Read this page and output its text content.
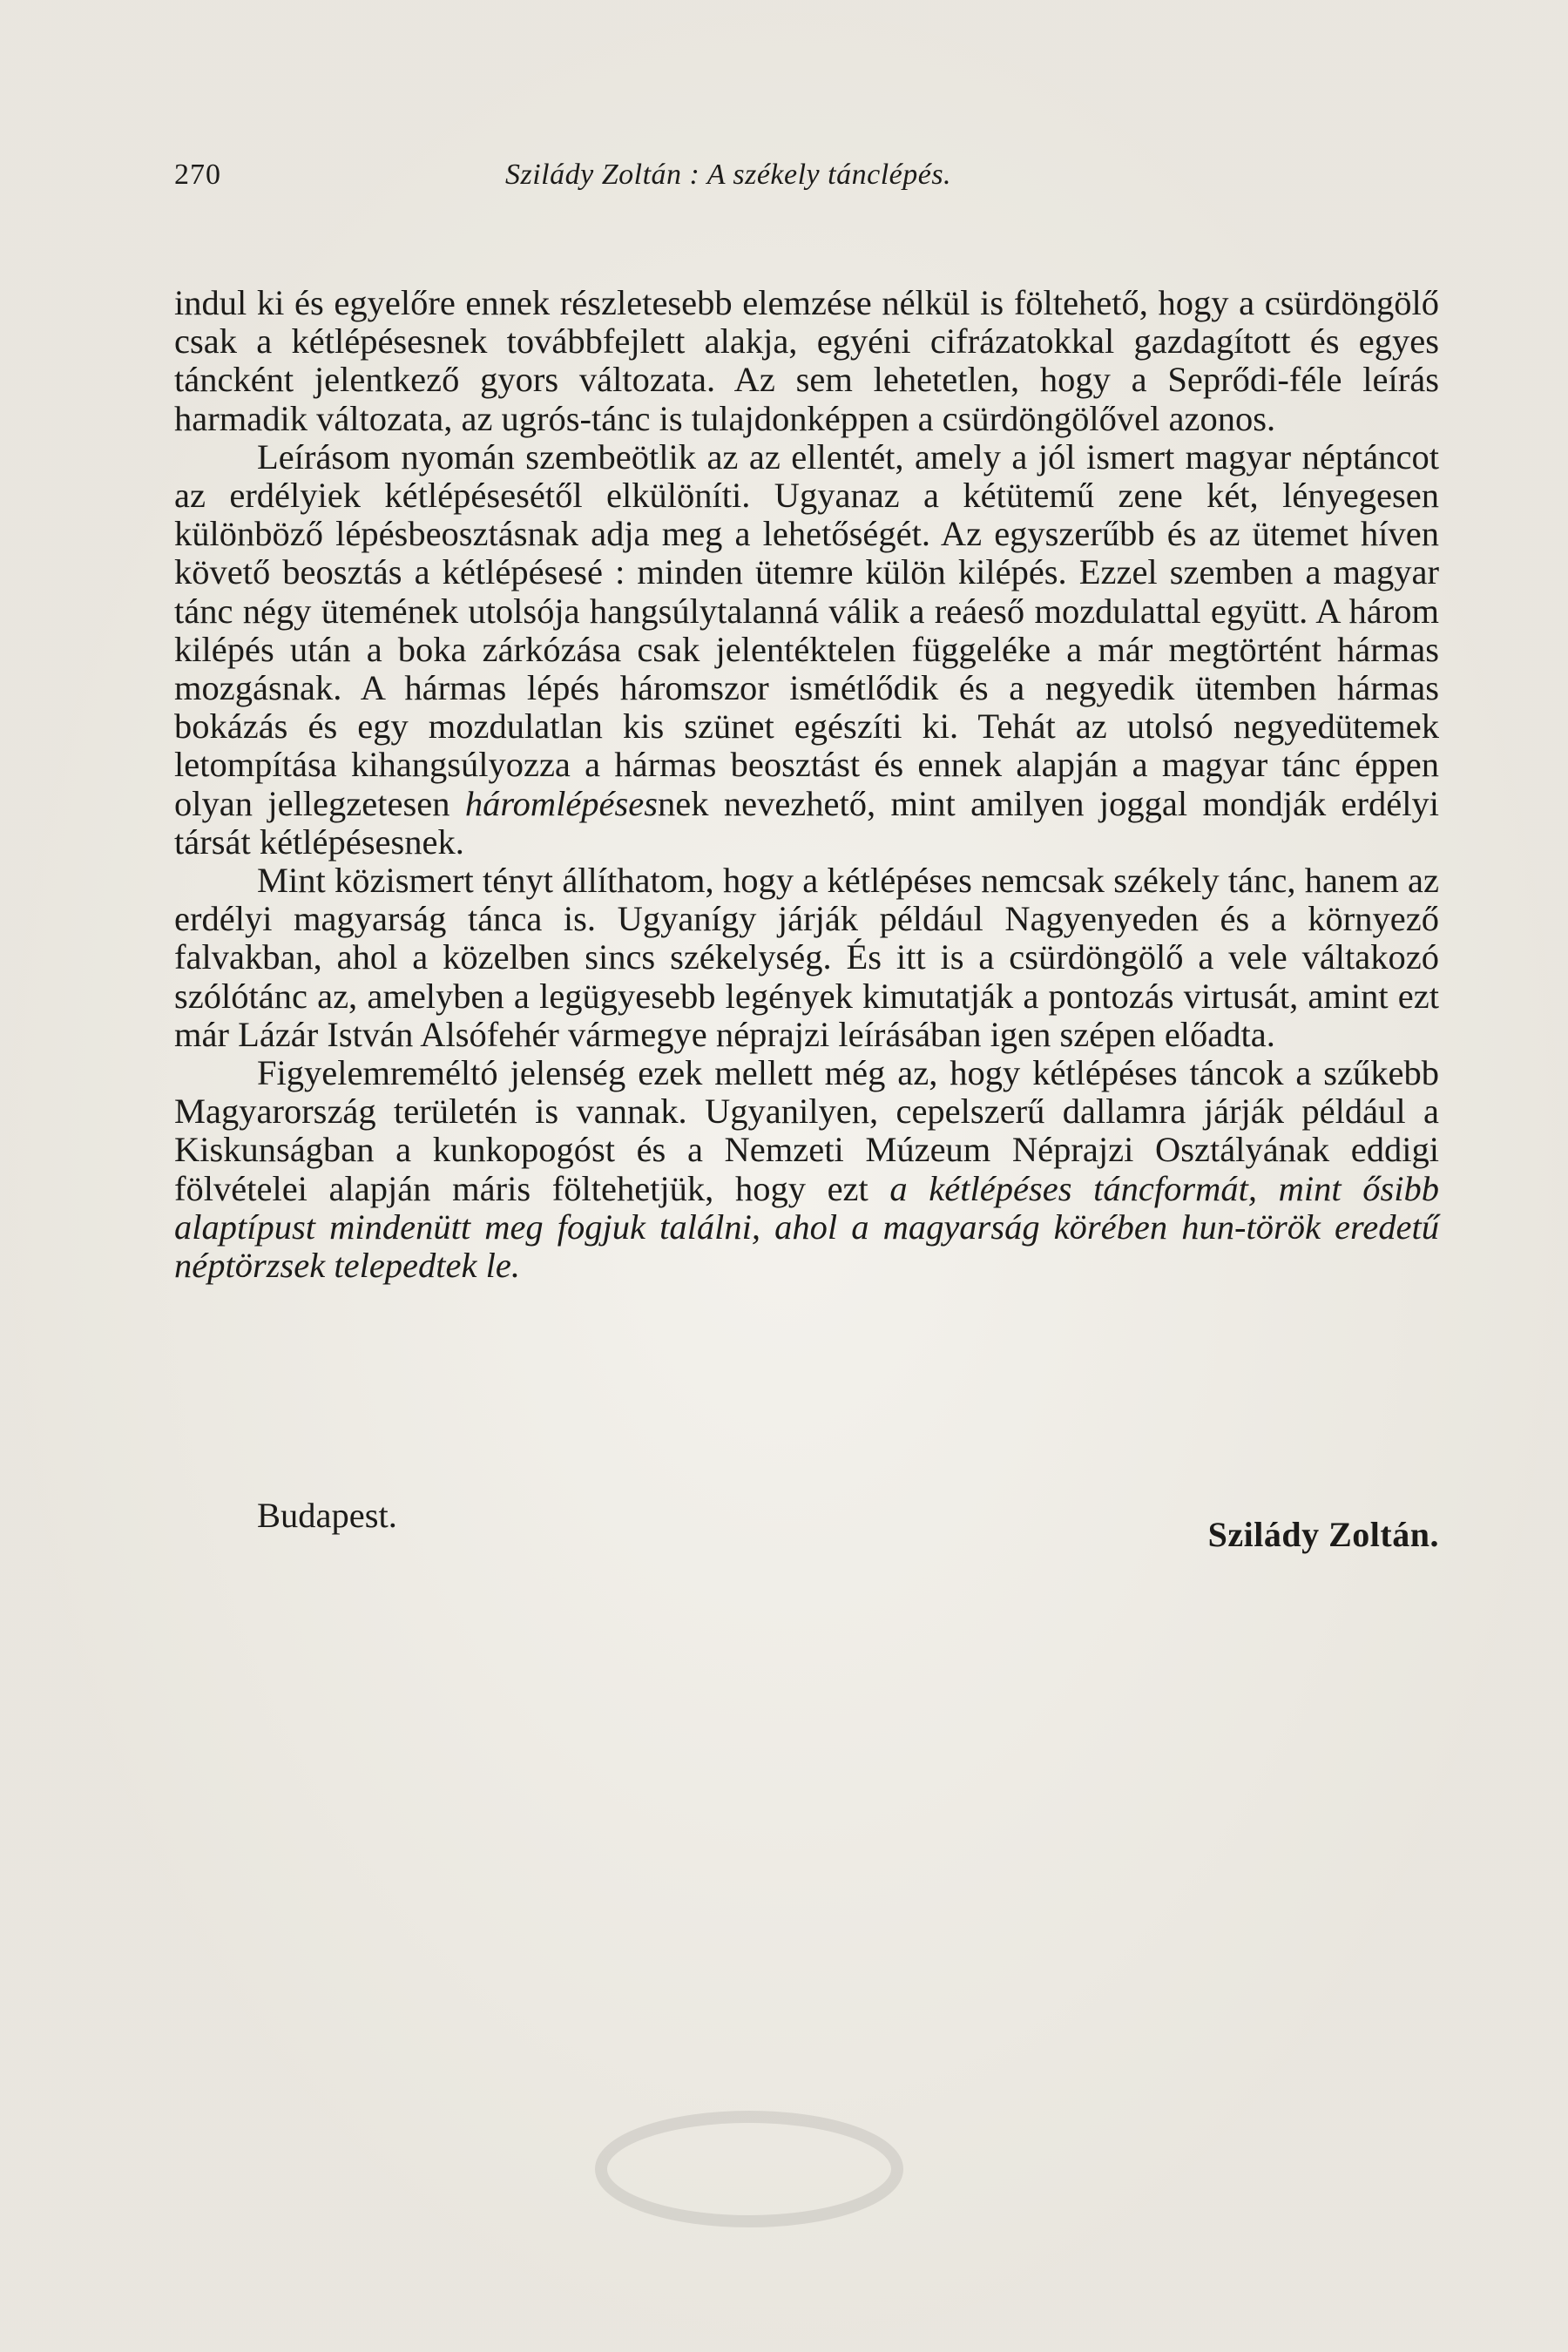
270	Szilády Zoltán : A székely tánclépés.

indul ki és egyelőre ennek részletesebb elemzése nélkül is föltehető, hogy a csürdöngölő csak a kétlépésesnek továbbfejlett alakja, egyéni cifrázatokkal gazdagított és egyes táncként jelentkező gyors változata. Az sem lehetetlen, hogy a Seprődi-féle leírás harmadik változata, az ugrós-tánc is tulajdonképpen a csürdöngölővel azonos.

Leírásom nyomán szembeötlik az az ellentét, amely a jól ismert magyar néptáncot az erdélyiek kétlépésesétől elkülöníti. Ugyanaz a kétütemű zene két, lényegesen különböző lépésbeosztásnak adja meg a lehetőségét. Az egyszerűbb és az ütemet híven követő beosztás a kétlépésesé : minden ütemre külön kilépés. Ezzel szemben a magyar tánc négy ütemének utolsója hangsúlytalanná válik a reáeső mozdulattal együtt. A három kilépés után a boka zárkózása csak jelentéktelen függeléke a már megtörtént hármas mozgásnak. A hármas lépés háromszor ismétlődik és a negyedik ütemben hármas bokázás és egy mozdulatlan kis szünet egészíti ki. Tehát az utolsó negyedütemek letompítása kihangsúlyozza a hármas beosztást és ennek alapján a magyar tánc éppen olyan jellegzetesen háromlépésesnek nevezhető, mint amilyen joggal mondják erdélyi társát kétlépésesnek.

Mint közismert tényt állíthatom, hogy a kétlépéses nemcsak székely tánc, hanem az erdélyi magyarság tánca is. Ugyanígy járják például Nagyenyeden és a környező falvakban, ahol a közelben sincs székelység. És itt is a csürdöngölő a vele váltakozó szólótánc az, amelyben a legügyesebb legények kimutatják a pontozás virtusát, amint ezt már Lázár István Alsófehér vármegye néprajzi leírásában igen szépen előadta.

Figyelemreméltó jelenség ezek mellett még az, hogy kétlépéses táncok a szűkebb Magyarország területén is vannak. Ugyanilyen, cepelszerű dallamra járják például a Kiskunságban a kunkopogóst és a Nemzeti Múzeum Néprajzi Osztályának eddigi fölvételei alapján máris föltehetjük, hogy ezt a kétlépéses táncformát, mint ősibb alaptípust mindenütt meg fogjuk találni, ahol a magyarság körében hun-török eredetű néptörzsek telepedtek le.

Budapest.	Szilády Zoltán.
